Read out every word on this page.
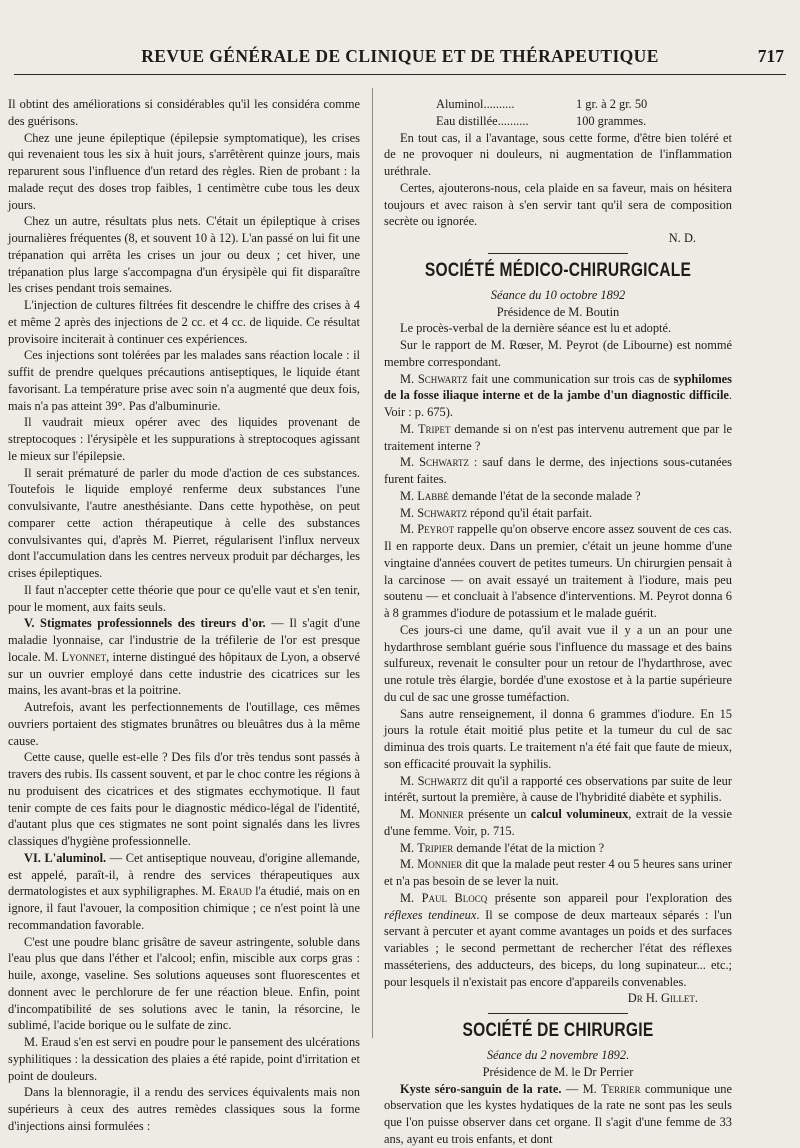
REVUE GÉNÉRALE DE CLINIQUE ET DE THÉRAPEUTIQUE	717

Il obtint des améliorations si considérables qu'il les considéra comme des guérisons.

Chez une jeune épileptique (épilepsie symptomatique), les crises qui revenaient tous les six à huit jours, s'arrêtèrent quinze jours, mais reparurent sous l'influence d'un retard des règles. Rien de probant : la malade reçut des doses trop faibles, 1 centimètre cube tous les deux jours.

Chez un autre, résultats plus nets. C'était un épileptique à crises journalières fréquentes (8, et souvent 10 à 12). L'an passé on lui fit une trépanation qui arrêta les crises un jour ou deux ; cet hiver, une trépanation plus large s'accompagna d'un érysipèle qui fit disparaître les crises pendant trois semaines.

L'injection de cultures filtrées fit descendre le chiffre des crises à 4 et même 2 après des injections de 2 cc. et 4 cc. de liquide. Ce résultat provisoire inciterait à continuer ces expériences.

Ces injections sont tolérées par les malades sans réaction locale : il suffit de prendre quelques précautions antiseptiques, le liquide étant favorisant. La température prise avec soin n'a augmenté que deux fois, mais n'a pas atteint 39°. Pas d'albuminurie.

Il vaudrait mieux opérer avec des liquides provenant de streptocoques : l'érysipèle et les suppurations à streptocoques agissant le mieux sur l'épilepsie.

Il serait prématuré de parler du mode d'action de ces substances. Toutefois le liquide employé renferme deux substances l'une convulsivante, l'autre anesthésiante. Dans cette hypothèse, on peut comparer cette action thérapeutique à celle des substances convulsivantes qui, d'après M. Pierret, régularisent l'influx nerveux dont l'accumulation dans les centres nerveux produit par décharges, les crises épileptiques.

Il faut n'accepter cette théorie que pour ce qu'elle vaut et s'en tenir, pour le moment, aux faits seuls.

V. Stigmates professionnels des tireurs d'or. — Il s'agit d'une maladie lyonnaise, car l'industrie de la tréfilerie de l'or est presque locale. M. Lyonnet, interne distingué des hôpitaux de Lyon, a observé sur un ouvrier employé dans cette industrie des cicatrices sur les mains, les avant-bras et la poitrine.

Autrefois, avant les perfectionnements de l'outillage, ces mêmes ouvriers portaient des stigmates brunâtres ou bleuâtres dus à la même cause.

Cette cause, quelle est-elle ? Des fils d'or très tendus sont passés à travers des rubis. Ils cassent souvent, et par le choc contre les régions à nu produisent des cicatrices et des stigmates ecchymotique. Il faut tenir compte de ces faits pour le diagnostic médico-légal de l'identité, d'autant plus que ces stigmates ne sont point signalés dans les livres classiques d'hygiène professionnelle.

VI. L'aluminol. — Cet antiseptique nouveau, d'origine allemande, est appelé, paraît-il, à rendre des services thérapeutiques aux dermatologistes et aux syphiligraphes. M. Eraud l'a étudié, mais on en ignore, il faut l'avouer, la composition chimique ; ce n'est point là une recommandation favorable.

C'est une poudre blanc grisâtre de saveur astringente, soluble dans l'eau plus que dans l'éther et l'alcool; enfin, miscible aux corps gras : huile, axonge, vaseline. Ses solutions aqueuses sont fluorescentes et donnent avec le perchlorure de fer une réaction bleue. Enfin, point d'incompatibilité de ses solutions avec le tanin, la résorcine, le sublimé, l'acide borique ou le sulfate de zinc.

M. Eraud s'en est servi en poudre pour le pansement des ulcérations syphilitiques : la dessication des plaies a été rapide, point d'irritation et point de douleurs.

Dans la blennoragie, il a rendu des services équivalents mais non supérieurs à ceux des autres remèdes classiques sous la forme d'injections ainsi formulées :

Aluminol..........	1 gr. à 2 gr. 50
Eau distillée..........	100 grammes.

En tout cas, il a l'avantage, sous cette forme, d'être bien toléré et de ne provoquer ni douleurs, ni augmentation de l'inflammation uréthrale.

Certes, ajouterons-nous, cela plaide en sa faveur, mais on hésitera toujours et avec raison à s'en servir tant qu'il sera de composition secrète ou ignorée.

N. D.
SOCIÉTÉ MÉDICO-CHIRURGICALE

Séance du 10 octobre 1892

Présidence de M. Boutin

Le procès-verbal de la dernière séance est lu et adopté.

Sur le rapport de M. Rœser, M. Peyrot (de Libourne) est nommé membre correspondant.

M. Schwartz fait une communication sur trois cas de syphilomes de la fosse iliaque interne et de la jambe d'un diagnostic difficile. Voir : p. 675).

M. Tripet demande si on n'est pas intervenu autrement que par le traitement interne ?

M. Schwartz : sauf dans le derme, des injections sous-cutanées furent faites.

M. Labbé demande l'état de la seconde malade ?

M. Schwartz répond qu'il était parfait.

M. Peyrot rappelle qu'on observe encore assez souvent de ces cas. Il en rapporte deux. Dans un premier, c'était un jeune homme d'une vingtaine d'années couvert de petites tumeurs. Un chirurgien pensait à la carcinose — on avait essayé un traitement à l'iodure, mais peu soutenu — et concluait à l'absence d'interventions. M. Peyrot donna 6 à 8 grammes d'iodure de potassium et le malade guérit.

Ces jours-ci une dame, qu'il avait vue il y a un an pour une hydarthrose semblant guérie sous l'influence du massage et des bains sulfureux, revenait le consulter pour un retour de l'hydarthrose, avec une rotule très élargie, bordée d'une exostose et à la partie supérieure du cul de sac une grosse tuméfaction.

Sans autre renseignement, il donna 6 grammes d'iodure. En 15 jours la rotule était moitié plus petite et la tumeur du cul de sac diminua des trois quarts. Le traitement n'a été fait que faute de mieux, son efficacité prouvait la syphilis.

M. Schwartz dit qu'il a rapporté ces observations par suite de leur intérêt, surtout la première, à cause de l'hybridité diabète et syphilis.

M. Monnier présente un calcul volumineux, extrait de la vessie d'une femme. Voir, p. 715.

M. Tripier demande l'état de la miction ?

M. Monnier dit que la malade peut rester 4 ou 5 heures sans uriner et n'a pas besoin de se lever la nuit.

M. Paul Blocq présente son appareil pour l'exploration des réflexes tendineux. Il se compose de deux marteaux séparés : l'un servant à percuter et ayant comme avantages un poids et des surfaces variables ; le second permettant de rechercher l'état des réflexes masséteriens, des adducteurs, des biceps, du long supinateur... etc.; pour lesquels il n'existait pas encore d'appareils convenables.

Dr H. Gillet.
SOCIÉTÉ DE CHIRURGIE

Séance du 2 novembre 1892.

Présidence de M. le Dr Perrier

Kyste séro-sanguin de la rate. — M. Terrier communique une observation que les kystes hydatiques de la rate ne sont pas les seuls que l'on puisse observer dans cet organe. Il s'agit d'une femme de 33 ans, ayant eu trois enfants, et dont
